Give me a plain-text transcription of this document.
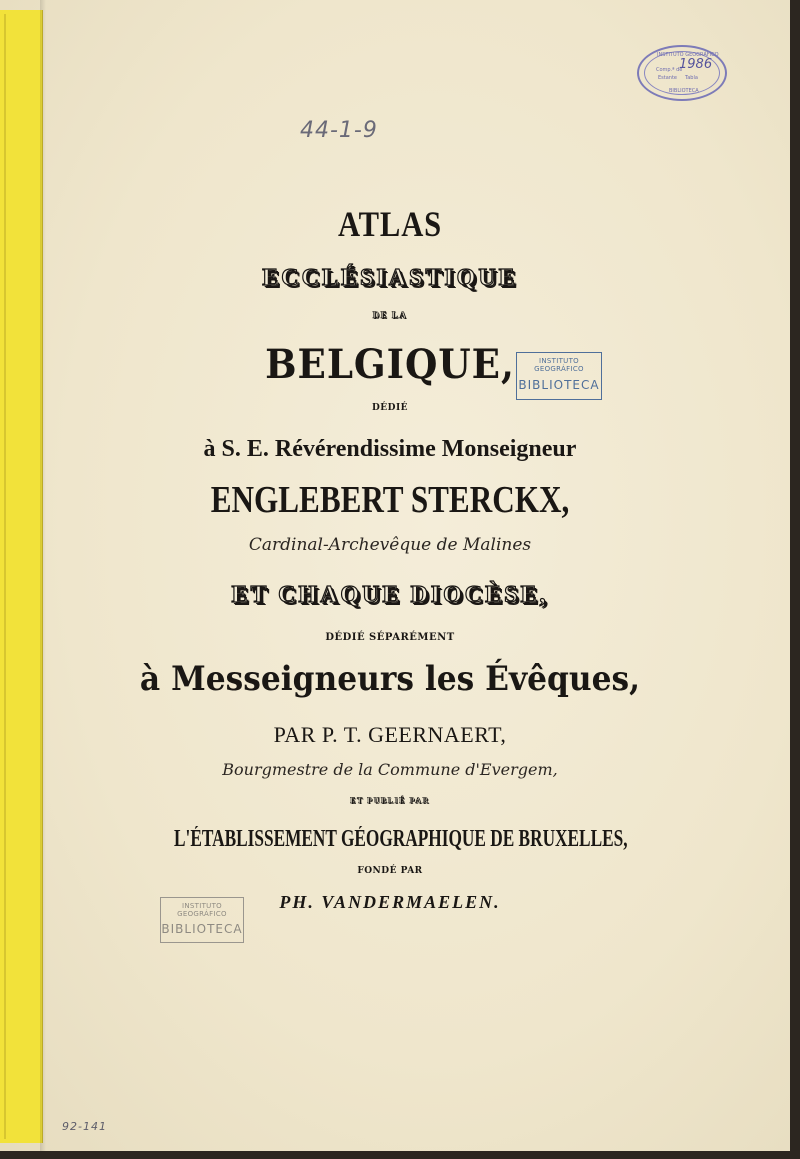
44-1-9
92-141
INSTITUTO GEOGRÁFICO
1986
Comp.ª de
Estante Tabla
BIBLIOTECA
INSTITUTO GEOGRÁFICO
BIBLIOTECA
INSTITUTO GEOGRÁFICO
BIBLIOTECA
ATLAS
ECCLÉSIASTIQUE
DE LA
BELGIQUE,
DÉDIÉ
à S. E. Révérendissime Monseigneur
ENGLEBERT STERCKX,
Cardinal-Archevêque de Malines
ET CHAQUE DIOCÈSE,
DÉDIÉ SÉPARÉMENT
à Messeigneurs les Évêques,
PAR P. T. GEERNAERT,
Bourgmestre de la Commune d'Evergem,
ET PUBLIÉ PAR
L'ÉTABLISSEMENT GÉOGRAPHIQUE DE BRUXELLES,
FONDÉ PAR
PH. VANDERMAELEN.
